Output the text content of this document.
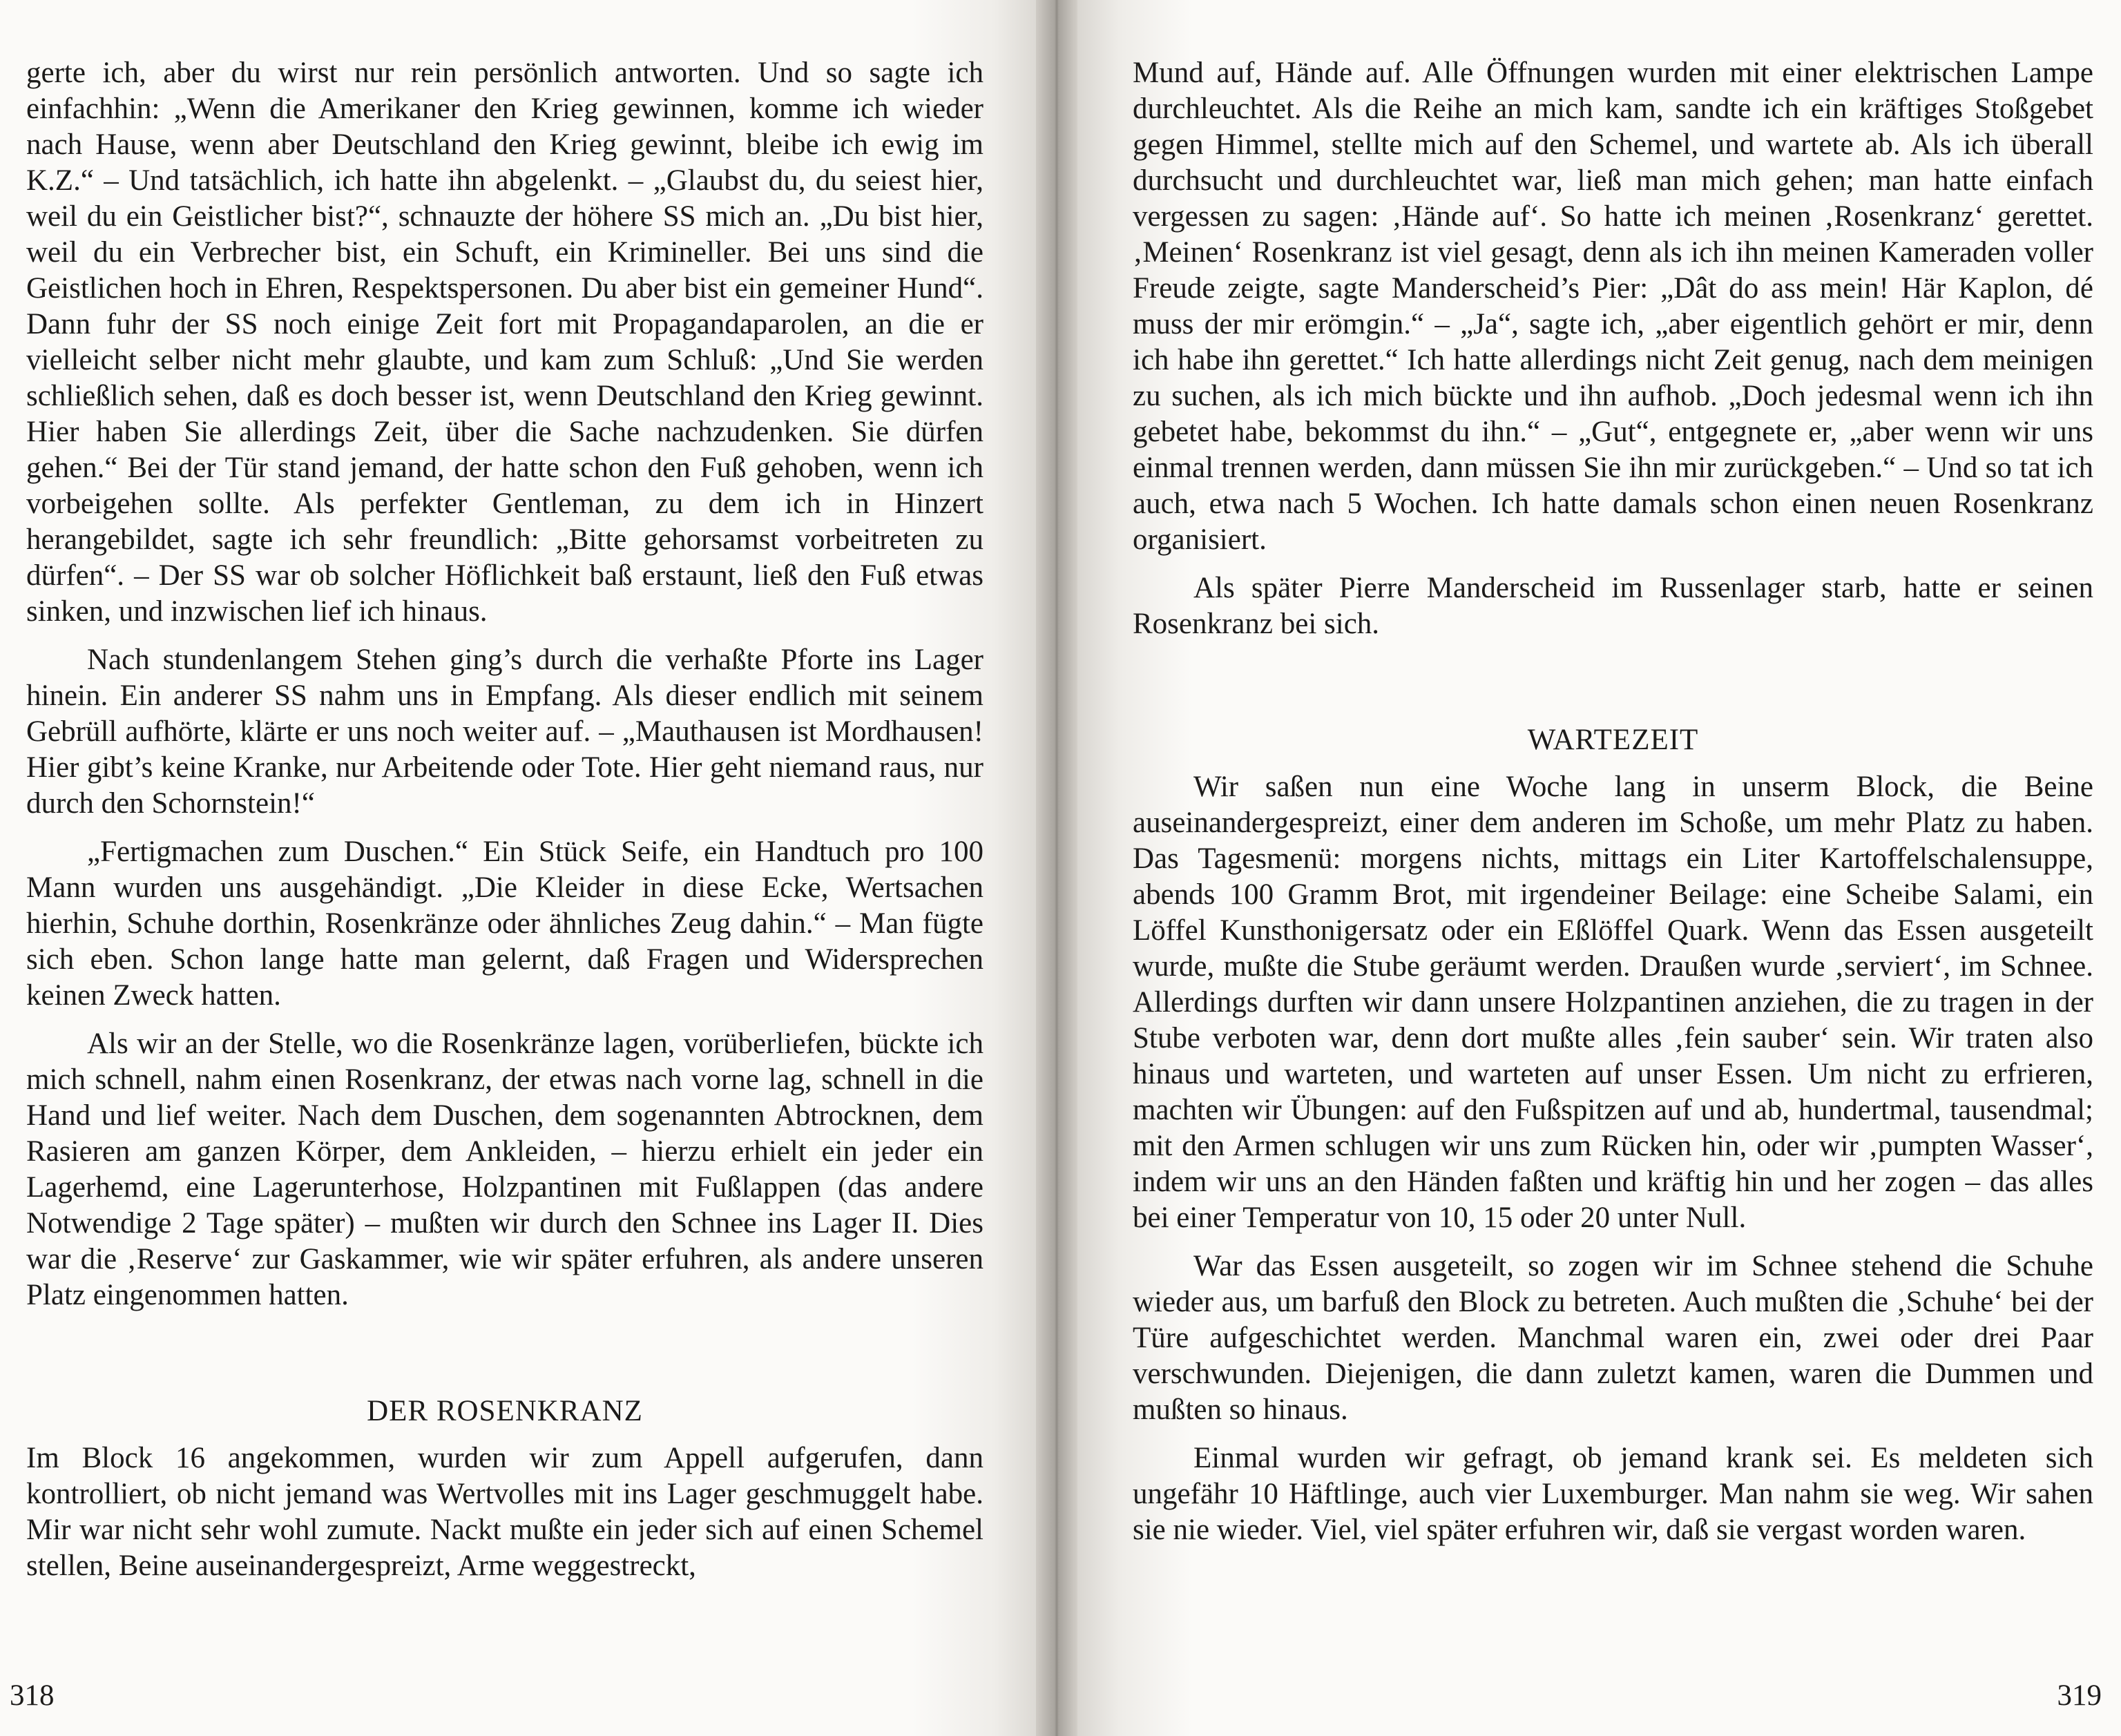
gerte ich, aber du wirst nur rein persönlich antworten. Und so sagte ich einfachhin: „Wenn die Amerikaner den Krieg gewinnen, komme ich wieder nach Hause, wenn aber Deutschland den Krieg gewinnt, bleibe ich ewig im K.Z.“ – Und tatsächlich, ich hatte ihn abgelenkt. – „Glaubst du, du seiest hier, weil du ein Geistlicher bist?“, schnauzte der höhere SS mich an. „Du bist hier, weil du ein Verbrecher bist, ein Schuft, ein Krimineller. Bei uns sind die Geistlichen hoch in Ehren, Respektspersonen. Du aber bist ein gemeiner Hund“. Dann fuhr der SS noch einige Zeit fort mit Propagandaparolen, an die er vielleicht selber nicht mehr glaubte, und kam zum Schluß: „Und Sie werden schließlich sehen, daß es doch besser ist, wenn Deutschland den Krieg gewinnt. Hier haben Sie allerdings Zeit, über die Sache nachzudenken. Sie dürfen gehen.“ Bei der Tür stand jemand, der hatte schon den Fuß gehoben, wenn ich vorbeigehen sollte. Als perfekter Gentleman, zu dem ich in Hinzert herangebildet, sagte ich sehr freundlich: „Bitte gehorsamst vorbeitreten zu dürfen“. – Der SS war ob solcher Höflichkeit baß erstaunt, ließ den Fuß etwas sinken, und inzwischen lief ich hinaus.

Nach stundenlangem Stehen ging’s durch die verhaßte Pforte ins Lager hinein. Ein anderer SS nahm uns in Empfang. Als dieser endlich mit seinem Gebrüll aufhörte, klärte er uns noch weiter auf. – „Mauthausen ist Mordhausen! Hier gibt’s keine Kranke, nur Arbeitende oder Tote. Hier geht niemand raus, nur durch den Schornstein!“

„Fertigmachen zum Duschen.“ Ein Stück Seife, ein Handtuch pro 100 Mann wurden uns ausgehändigt. „Die Kleider in diese Ecke, Wertsachen hierhin, Schuhe dorthin, Rosenkränze oder ähnliches Zeug dahin.“ – Man fügte sich eben. Schon lange hatte man gelernt, daß Fragen und Widersprechen keinen Zweck hatten.

Als wir an der Stelle, wo die Rosenkränze lagen, vorüberliefen, bückte ich mich schnell, nahm einen Rosenkranz, der etwas nach vorne lag, schnell in die Hand und lief weiter. Nach dem Duschen, dem sogenannten Abtrocknen, dem Rasieren am ganzen Körper, dem Ankleiden, – hierzu erhielt ein jeder ein Lagerhemd, eine Lagerunterhose, Holzpantinen mit Fußlappen (das andere Notwendige 2 Tage später) – mußten wir durch den Schnee ins Lager II. Dies war die ‚Reserve‘ zur Gaskammer, wie wir später erfuhren, als andere unseren Platz eingenommen hatten.

DER ROSENKRANZ

Im Block 16 angekommen, wurden wir zum Appell aufgerufen, dann kontrolliert, ob nicht jemand was Wertvolles mit ins Lager geschmuggelt habe. Mir war nicht sehr wohl zumute. Nackt mußte ein jeder sich auf einen Schemel stellen, Beine auseinandergespreizt, Arme weggestreckt,

318

Mund auf, Hände auf. Alle Öffnungen wurden mit einer elektrischen Lampe durchleuchtet. Als die Reihe an mich kam, sandte ich ein kräftiges Stoßgebet gegen Himmel, stellte mich auf den Schemel, und wartete ab. Als ich überall durchsucht und durchleuchtet war, ließ man mich gehen; man hatte einfach vergessen zu sagen: ‚Hände auf‘. So hatte ich meinen ‚Rosenkranz‘ gerettet. ‚Meinen‘ Rosenkranz ist viel gesagt, denn als ich ihn meinen Kameraden voller Freude zeigte, sagte Manderscheid’s Pier: „Dât do ass mein! Här Kaplon, dé muss der mir erömgin.“ – „Ja“, sagte ich, „aber eigentlich gehört er mir, denn ich habe ihn gerettet.“ Ich hatte allerdings nicht Zeit genug, nach dem meinigen zu suchen, als ich mich bückte und ihn aufhob. „Doch jedesmal wenn ich ihn gebetet habe, bekommst du ihn.“ – „Gut“, entgegnete er, „aber wenn wir uns einmal trennen werden, dann müssen Sie ihn mir zurückgeben.“ – Und so tat ich auch, etwa nach 5 Wochen. Ich hatte damals schon einen neuen Rosenkranz organisiert.

Als später Pierre Manderscheid im Russenlager starb, hatte er seinen Rosenkranz bei sich.

WARTEZEIT

Wir saßen nun eine Woche lang in unserm Block, die Beine auseinandergespreizt, einer dem anderen im Schoße, um mehr Platz zu haben. Das Tagesmenü: morgens nichts, mittags ein Liter Kartoffelschalensuppe, abends 100 Gramm Brot, mit irgendeiner Beilage: eine Scheibe Salami, ein Löffel Kunsthonigersatz oder ein Eßlöffel Quark. Wenn das Essen ausgeteilt wurde, mußte die Stube geräumt werden. Draußen wurde ‚serviert‘, im Schnee. Allerdings durften wir dann unsere Holzpantinen anziehen, die zu tragen in der Stube verboten war, denn dort mußte alles ‚fein sauber‘ sein. Wir traten also hinaus und warteten, und warteten auf unser Essen. Um nicht zu erfrieren, machten wir Übungen: auf den Fußspitzen auf und ab, hundertmal, tausendmal; mit den Armen schlugen wir uns zum Rücken hin, oder wir ‚pumpten Wasser‘, indem wir uns an den Händen faßten und kräftig hin und her zogen – das alles bei einer Temperatur von 10, 15 oder 20 unter Null.

War das Essen ausgeteilt, so zogen wir im Schnee stehend die Schuhe wieder aus, um barfuß den Block zu betreten. Auch mußten die ‚Schuhe‘ bei der Türe aufgeschichtet werden. Manchmal waren ein, zwei oder drei Paar verschwunden. Diejenigen, die dann zuletzt kamen, waren die Dummen und mußten so hinaus.

Einmal wurden wir gefragt, ob jemand krank sei. Es meldeten sich ungefähr 10 Häftlinge, auch vier Luxemburger. Man nahm sie weg. Wir sahen sie nie wieder. Viel, viel später erfuhren wir, daß sie vergast worden waren.

319
